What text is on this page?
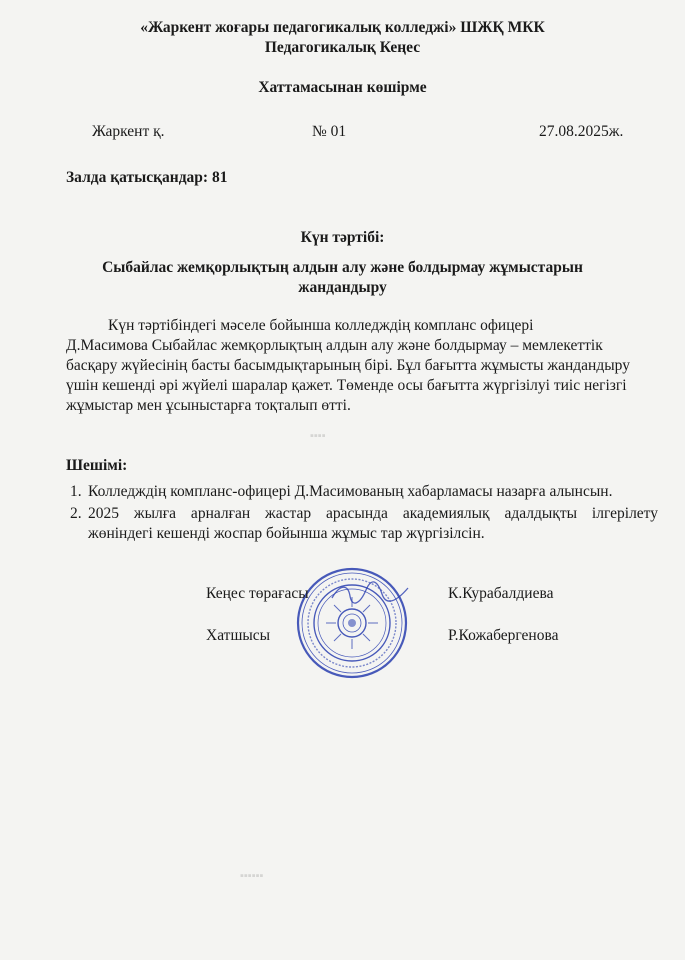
«Жаркент жоғары педагогикалық колледжі» ШЖҚ МКК
Педагогикалық Кеңес
Хаттамасынан көшірме
Жаркент қ.	№ 01	27.08.2025ж.
Залда қатысқандар: 81
Күн тәртібі:
Сыбайлас жемқорлықтың алдын алу және болдырмау жұмыстарын
жандандыру
Күн тәртібіндегі мәселе бойынша колледждің компланс офицері
Д.Масимова Сыбайлас жемқорлықтың алдын алу және болдырмау – мемлекеттік
басқару жүйесінің басты басымдықтарының бірі. Бұл бағытта жұмысты жандандыру
үшін кешенді әрі жүйелі шаралар қажет. Төменде осы бағытта жүргізілуі тиіс негізгі
жұмыстар мен ұсыныстарға тоқталып өтті.
Шешімі:
1. Колледждің компланс-офицері Д.Масимованың хабарламасы назарға алынсын.
2. 2025 жылға арналған жастар арасында академиялық адалдықты ілгерілету
жөніндегі кешенді жоспар бойынша жұмыс тар жүргізілсін.
Кеңес төрағасы	К.Курабалдиева
Хатшысы	Р.Кожабергенова
▪▪▪▪
▪▪▪▪▪▪
